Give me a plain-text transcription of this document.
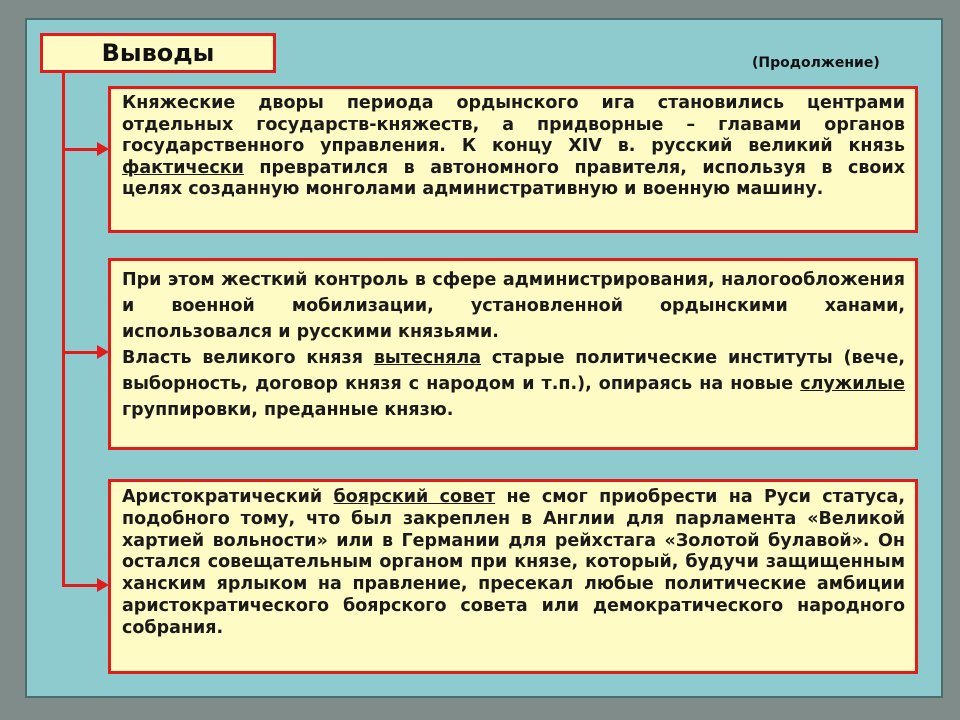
Выводы	(Продолжение)

Княжеские дворы периода ордынского ига становились центрами отдельных государств-княжеств, а придворные – главами органов государственного управления. К концу XIV в. русский великий князь фактически превратился в автономного правителя, используя в своих целях созданную монголами административную и военную машину.

При этом жесткий контроль в сфере администрирования, налогообложения и военной мобилизации, установленной ордынскими ханами, использовался и русскими князьями.

Власть великого князя вытесняла старые политические институты (вече, выборность, договор князя с народом и т.п.), опираясь на новые служилые группировки, преданные князю.

Аристократический боярский совет не смог приобрести на Руси статуса, подобного тому, что был закреплен в Англии для парламента «Великой хартией вольности» или в Германии для рейхстага «Золотой булавой». Он остался совещательным органом при князе, который, будучи защищенным ханским ярлыком на правление, пресекал любые политические амбиции аристократического боярского совета или демократического народного собрания.
